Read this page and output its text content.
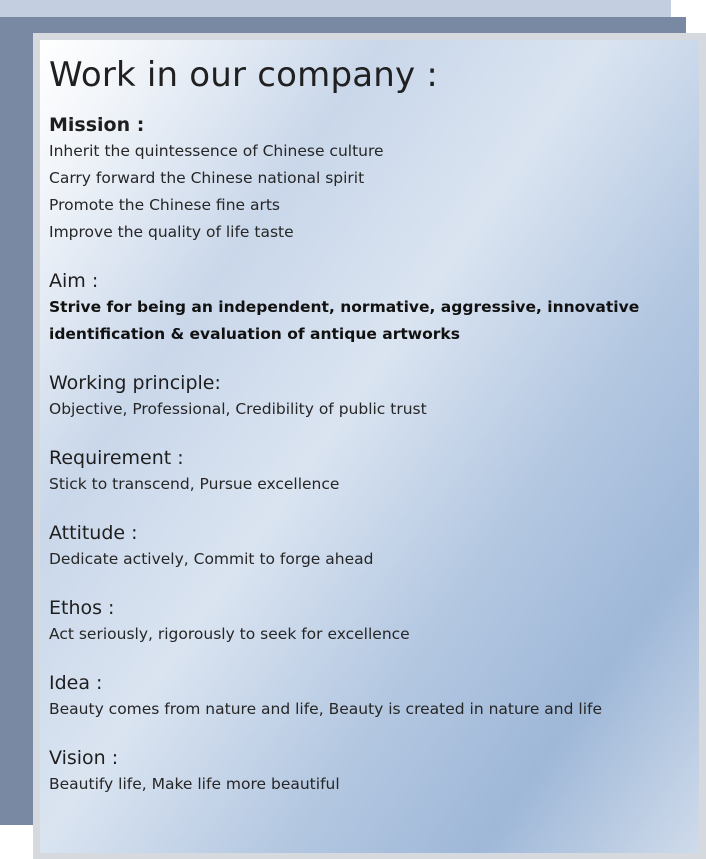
Work in our company :
Mission :

Inherit the quintessence of Chinese culture

Carry forward the Chinese national spirit

Promote the Chinese fine arts

Improve the quality of life taste

Aim :

Strive for being an independent, normative, aggressive, innovative identification & evaluation of antique artworks

Working principle:

Objective, Professional, Credibility of public trust

Requirement :

Stick to transcend, Pursue excellence

Attitude :

Dedicate actively, Commit to forge ahead

Ethos :

Act seriously, rigorously to seek for excellence

Idea :

Beauty comes from nature and life, Beauty is created in nature and life

Vision :

Beautify life, Make life more beautiful
